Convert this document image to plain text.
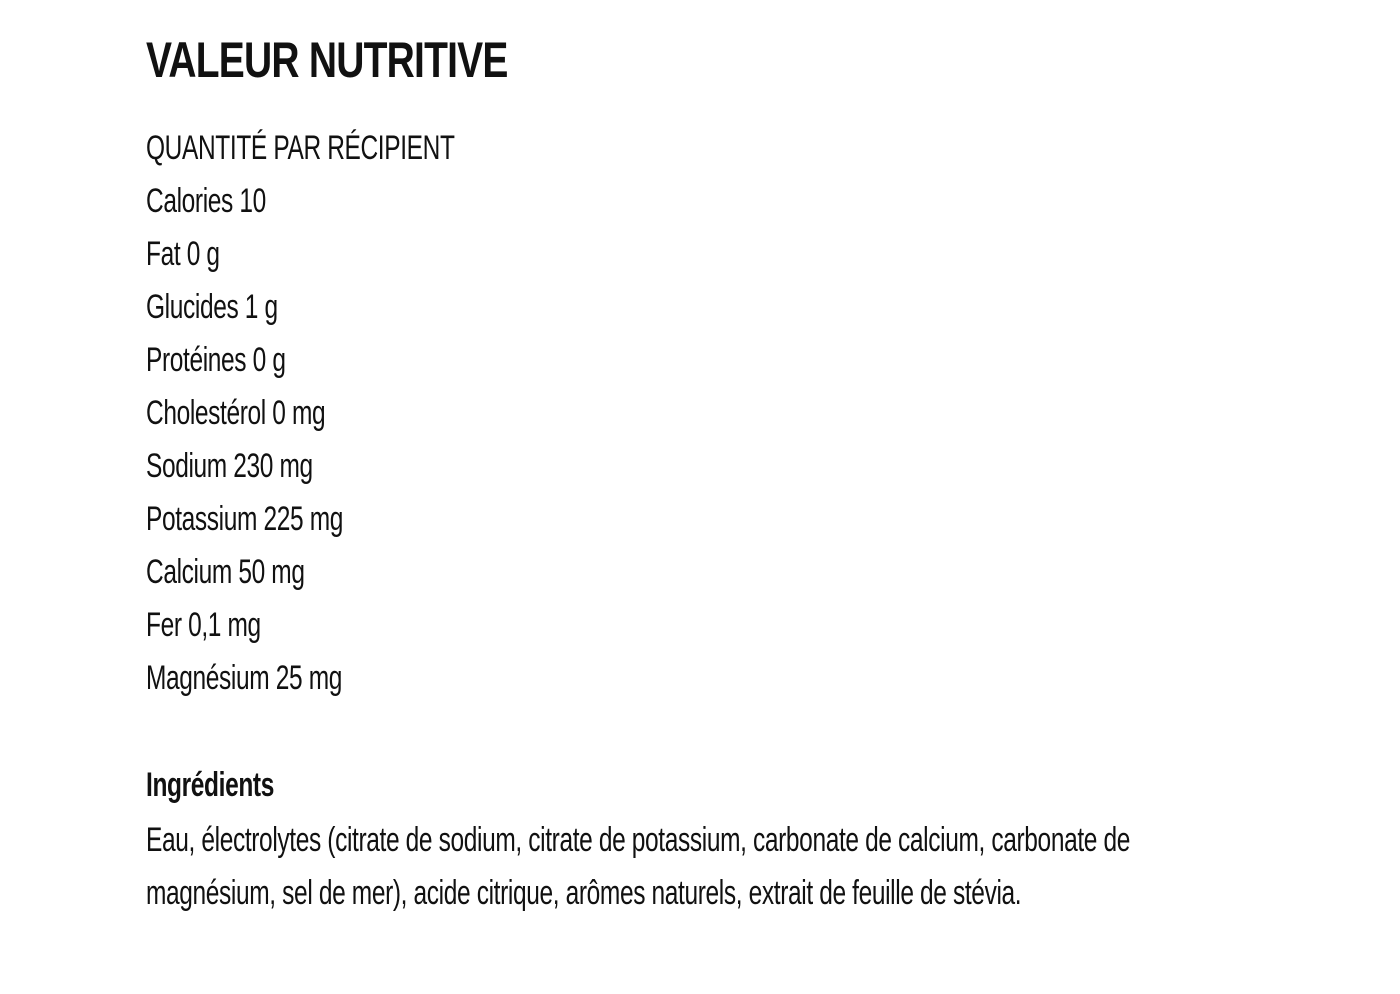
VALEUR NUTRITIVE
QUANTITÉ PAR RÉCIPIENT
Calories 10
Fat 0 g
Glucides 1 g
Protéines 0 g
Cholestérol 0 mg
Sodium 230 mg
Potassium 225 mg
Calcium 50 mg
Fer 0,1 mg
Magnésium 25 mg
Ingrédients

Eau, électrolytes (citrate de sodium, citrate de potassium, carbonate de calcium, carbonate de magnésium, sel de mer), acide citrique, arômes naturels, extrait de feuille de stévia.
